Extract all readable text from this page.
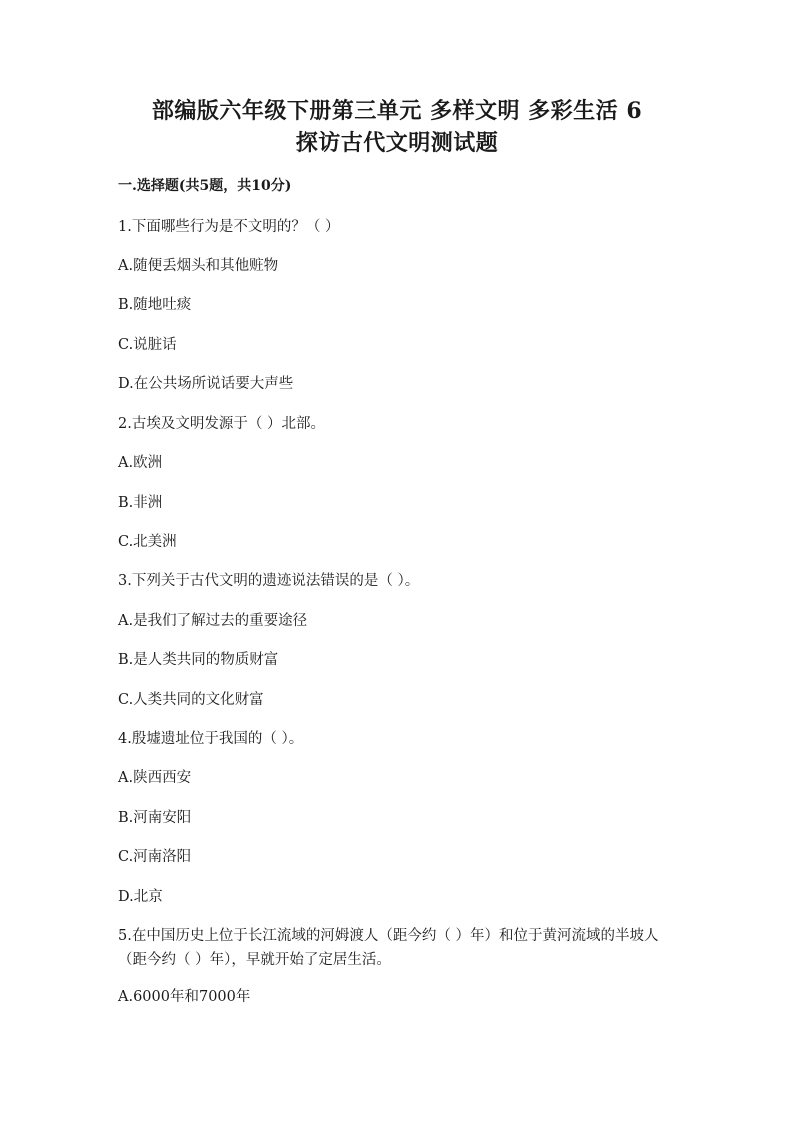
部编版六年级下册第三单元 多样文明 多彩生活 6
探访古代文明测试题

一.选择题(共5题，共10分)

1.下面哪些行为是不文明的？（ ）

A.随便丢烟头和其他赃物

B.随地吐痰

C.说脏话

D.在公共场所说话要大声些

2.古埃及文明发源于（ ）北部。

A.欧洲

B.非洲

C.北美洲

3.下列关于古代文明的遗迹说法错误的是（ ）。

A.是我们了解过去的重要途径

B.是人类共同的物质财富

C.人类共同的文化财富

4.殷墟遗址位于我国的（ ）。

A.陕西西安

B.河南安阳

C.河南洛阳

D.北京

5.在中国历史上位于长江流域的河姆渡人（距今约（ ）年）和位于黄河流域的半坡人（距今约（ ）年），早就开始了定居生活。

A.6000年和7000年
